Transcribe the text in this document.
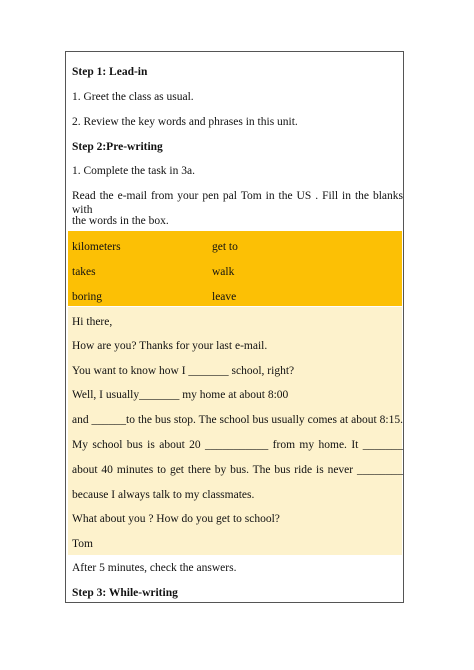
Step 1: Lead-in
1. Greet the class as usual.
2. Review the key words and phrases in this unit.
Step 2:Pre-writing
1. Complete the task in 3a.
Read the e-mail from your pen pal Tom in the US . Fill in the blanks with
the words in the box.
kilometers	get to
takes	walk
boring	leave
Hi there,
How are you? Thanks for your last e-mail.
You want to know how I _______ school, right?
Well, I usually_______ my home at about 8:00
and ______to the bus stop. The school bus usually comes at about 8:15.
My school bus is about 20 ___________ from my home. It _______
about 40 minutes to get there by bus. The bus ride is never ________
because I always talk to my classmates.
What about you ? How do you get to school?
Tom
After 5 minutes, check the answers.
Step 3: While-writing
